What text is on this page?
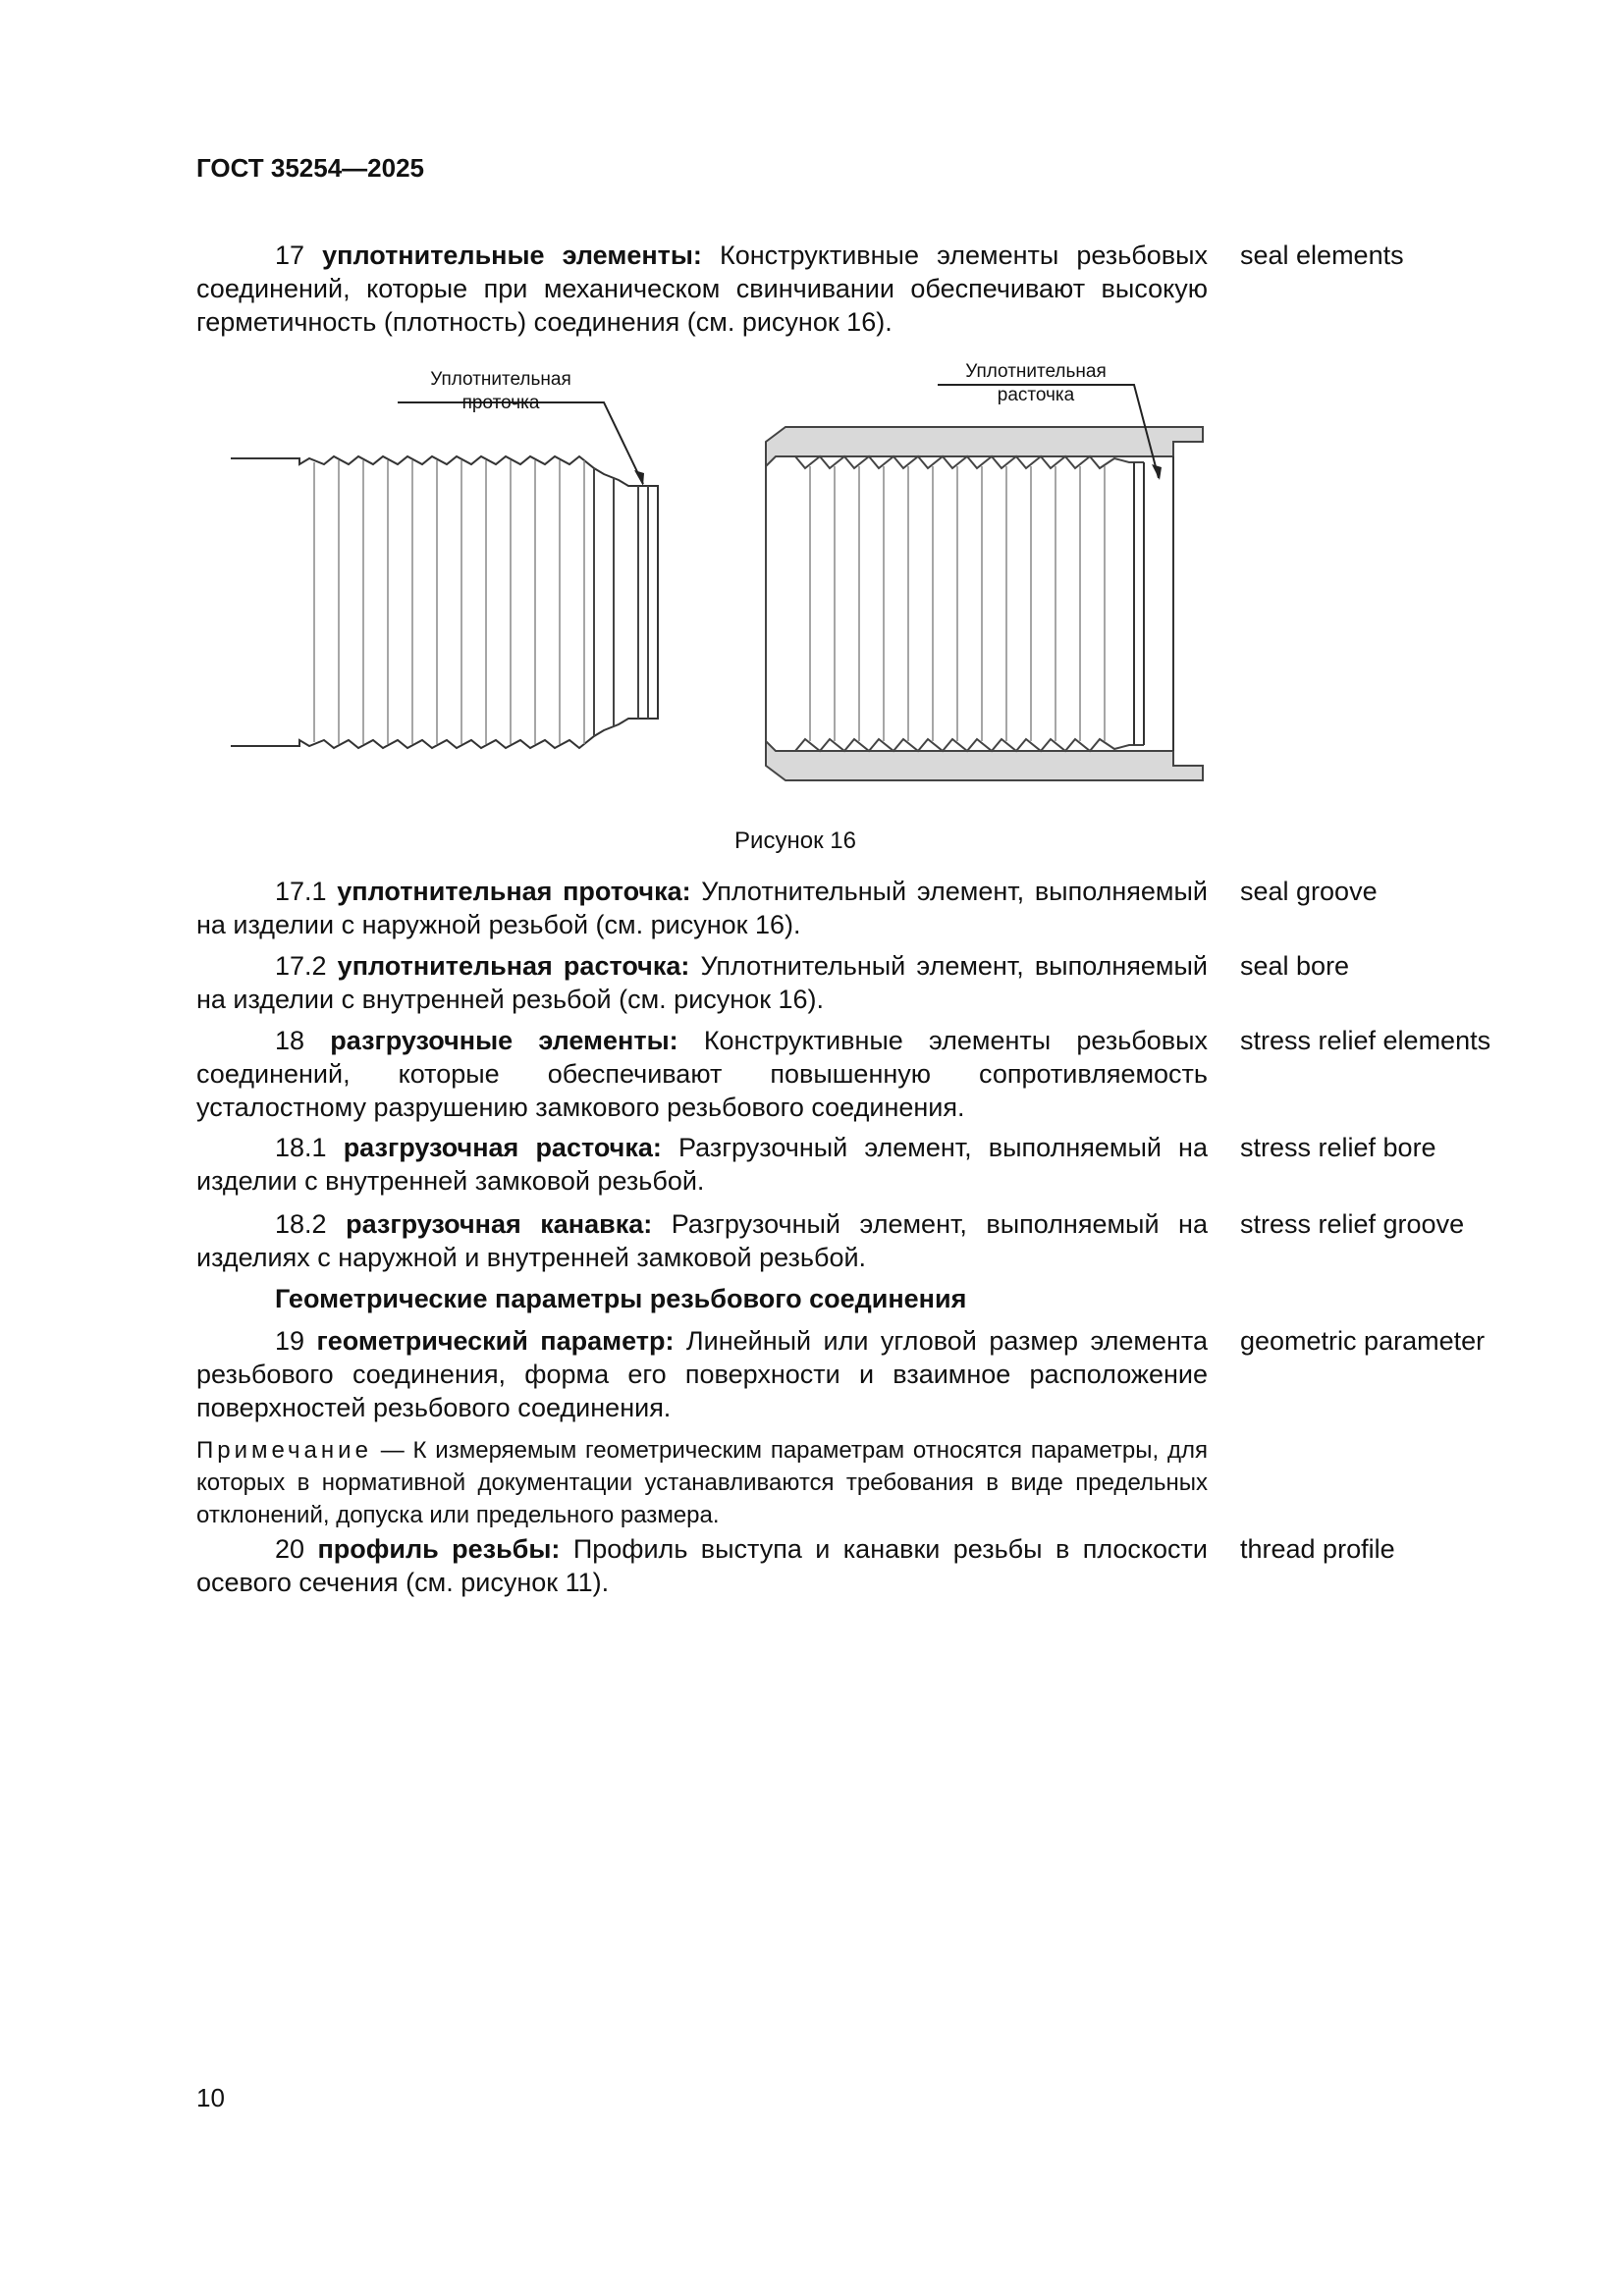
ГОСТ 35254—2025
17 уплотнительные элементы: Конструктивные элементы резьбовых соединений, которые при механическом свинчивании обеспечивают высокую герметичность (плотность) соединения (см. рисунок 16).
seal elements
Уплотнительная
проточка
Уплотнительная
расточка
Рисунок 16
17.1 уплотнительная проточка: Уплотнительный элемент, выполняемый на изделии с наружной резьбой (см. рисунок 16).
seal groove
17.2 уплотнительная расточка: Уплотнительный элемент, выполняемый на изделии с внутренней резьбой (см. рисунок 16).
seal bore
18 разгрузочные элементы: Конструктивные элементы резьбовых соединений, которые обеспечивают повышенную сопротивляемость усталостному разрушению замкового резьбового соединения.
stress relief elements
18.1 разгрузочная расточка: Разгрузочный элемент, выполняемый на изделии с внутренней замковой резьбой.
stress relief bore
18.2 разгрузочная канавка: Разгрузочный элемент, выполняемый на изделиях с наружной и внутренней замковой резьбой.
stress relief groove
Геометрические параметры резьбового соединения
19 геометрический параметр: Линейный или угловой размер элемента резьбового соединения, форма его поверхности и взаимное расположение поверхностей резьбового соединения.
geometric parameter
Примечание — К измеряемым геометрическим параметрам относятся параметры, для которых в нормативной документации устанавливаются требования в виде предельных отклонений, допуска или предельного размера.
20 профиль резьбы: Профиль выступа и канавки резьбы в плоскости осевого сечения (см. рисунок 11).
thread profile
10
